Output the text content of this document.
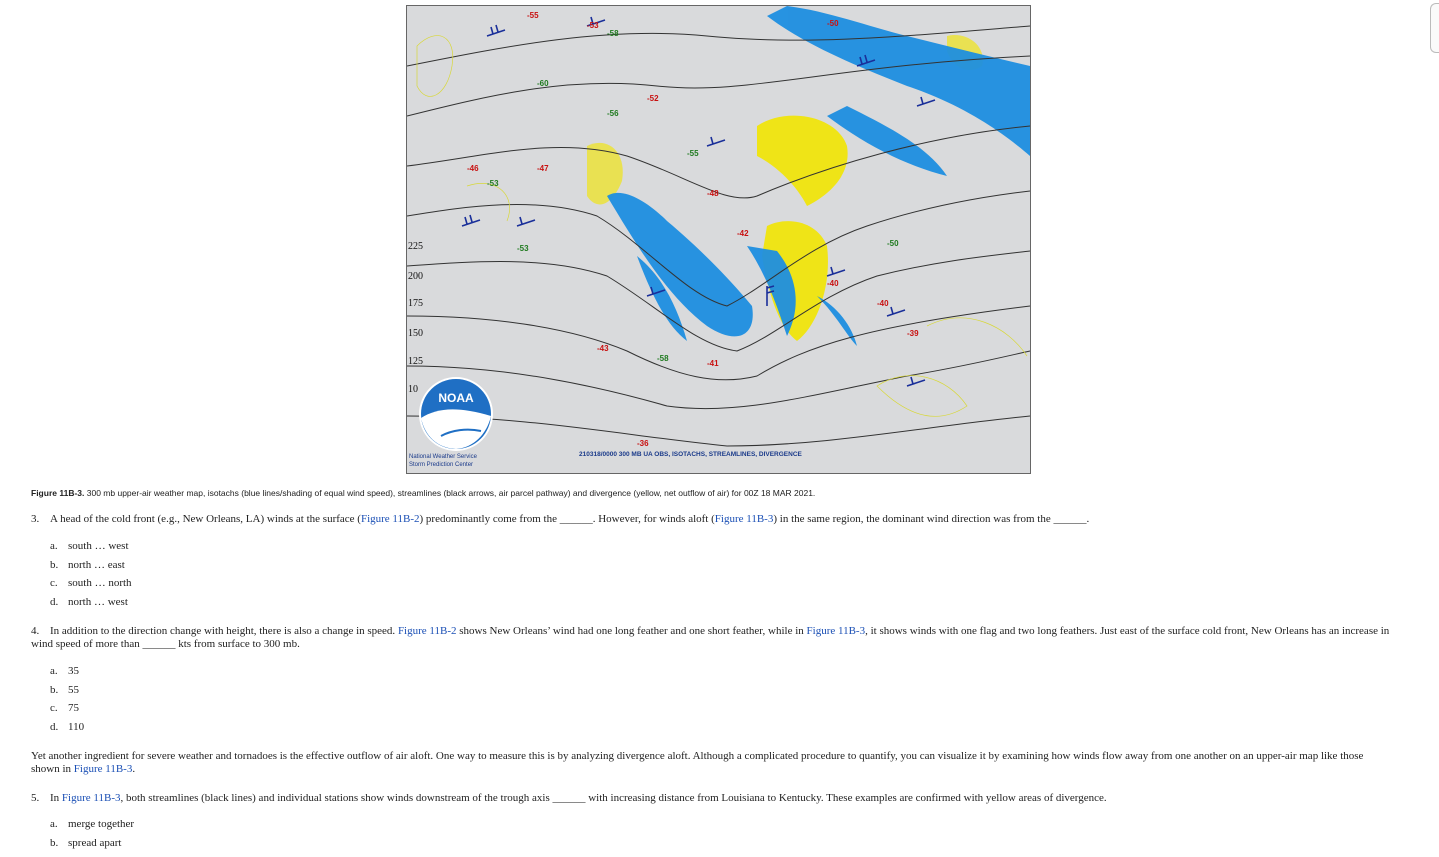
-55
-53
-52
-46	-47
-48
-42
-40
-40
-41
-36
-39
-43
-50
-58
-60
-56
-55
-53
-53
-58
-50
225
200
175
150
125
10
NOAA
National Weather Service
Storm Prediction Center
210318/0000 300 MB UA OBS, ISOTACHS, STREAMLINES, DIVERGENCE
Figure 11B-3. 300 mb upper-air weather map, isotachs (blue lines/shading of equal wind speed), streamlines (black arrows, air parcel pathway) and divergence (yellow, net outflow of air) for 00Z 18 MAR 2021.
3. A head of the cold front (e.g., New Orleans, LA) winds at the surface (Figure 11B-2) predominantly come from the ______. However, for winds aloft (Figure 11B-3) in the same region, the dominant wind direction was from the ______.
a. south … west
b. north … east
c. south … north
d. north … west
4. In addition to the direction change with height, there is also a change in speed. Figure 11B-2 shows New Orleans’ wind had one long feather and one short feather, while in Figure 11B-3, it shows winds with one flag and two long feathers. Just east of the surface cold front, New Orleans has an increase in wind speed of more than ______ kts from surface to 300 mb.
a. 35
b. 55
c. 75
d. 110
Yet another ingredient for severe weather and tornadoes is the effective outflow of air aloft. One way to measure this is by analyzing divergence aloft. Although a complicated procedure to quantify, you can visualize it by examining how winds flow away from one another on an upper-air map like those shown in Figure 11B-3.
5. In Figure 11B-3, both streamlines (black lines) and individual stations show winds downstream of the trough axis ______ with increasing distance from Louisiana to Kentucky. These examples are confirmed with yellow areas of divergence.
a. merge together
b. spread apart
